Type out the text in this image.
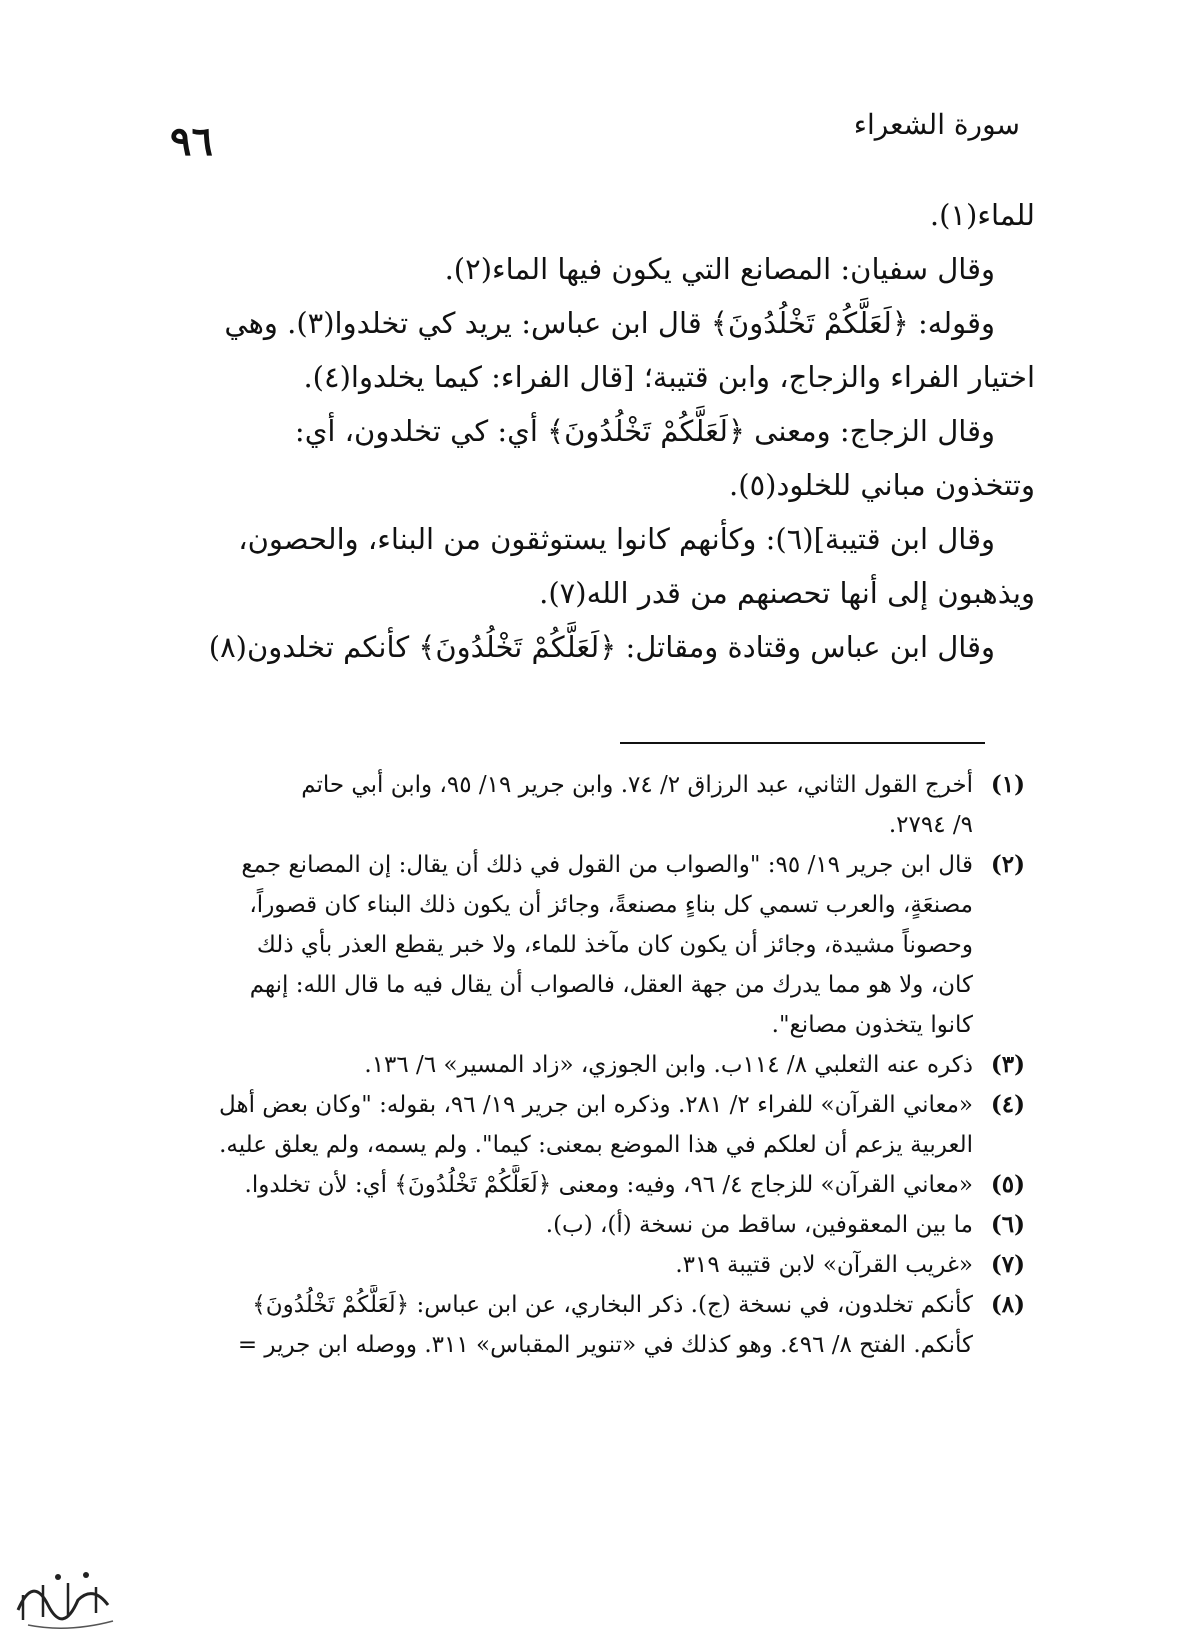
٩٦	سورة الشعراء
للماء(١).
وقال سفيان: المصانع التي يكون فيها الماء(٢).
وقوله: ﴿لَعَلَّكُمْ تَخْلُدُونَ﴾ قال ابن عباس: يريد كي تخلدوا(٣). وهي
اختيار الفراء والزجاج، وابن قتيبة؛ [قال الفراء: كيما يخلدوا(٤).
وقال الزجاج: ومعنى ﴿لَعَلَّكُمْ تَخْلُدُونَ﴾ أي: كي تخلدون، أي:
وتتخذون مباني للخلود(٥).
وقال ابن قتيبة](٦): وكأنهم كانوا يستوثقون من البناء، والحصون،
ويذهبون إلى أنها تحصنهم من قدر الله(٧).
وقال ابن عباس وقتادة ومقاتل: ﴿لَعَلَّكُمْ تَخْلُدُونَ﴾ كأنكم تخلدون(٨)
(١)
أخرج القول الثاني، عبد الرزاق ٢/ ٧٤. وابن جرير ١٩/ ٩٥، وابن أبي حاتم
٩/ ٢٧٩٤.
(٢)
قال ابن جرير ١٩/ ٩٥: "والصواب من القول في ذلك أن يقال: إن المصانع جمع
مصنعَةٍ، والعرب تسمي كل بناءٍ مصنعةً، وجائز أن يكون ذلك البناء كان قصوراً،
وحصوناً مشيدة، وجائز أن يكون كان مآخذ للماء، ولا خبر يقطع العذر بأي ذلك
كان، ولا هو مما يدرك من جهة العقل، فالصواب أن يقال فيه ما قال الله: إنهم
كانوا يتخذون مصانع".
(٣)
ذكره عنه الثعلبي ٨/ ١١٤ب. وابن الجوزي، «زاد المسير» ٦/ ١٣٦.
(٤)
«معاني القرآن» للفراء ٢/ ٢٨١. وذكره ابن جرير ١٩/ ٩٦، بقوله: "وكان بعض أهل
العربية يزعم أن لعلكم في هذا الموضع بمعنى: كيما". ولم يسمه، ولم يعلق عليه.
(٥)
«معاني القرآن» للزجاج ٤/ ٩٦، وفيه: ومعنى ﴿لَعَلَّكُمْ تَخْلُدُونَ﴾ أي: لأن تخلدوا.
(٦)
ما بين المعقوفين، ساقط من نسخة (أ)، (ب).
(٧)
«غريب القرآن» لابن قتيبة ٣١٩.
(٨)
كأنكم تخلدون، في نسخة (ج). ذكر البخاري، عن ابن عباس: ﴿لَعَلَّكُمْ تَخْلُدُونَ﴾
كأنكم. الفتح ٨/ ٤٩٦. وهو كذلك في «تنوير المقباس» ٣١١. ووصله ابن جرير =
